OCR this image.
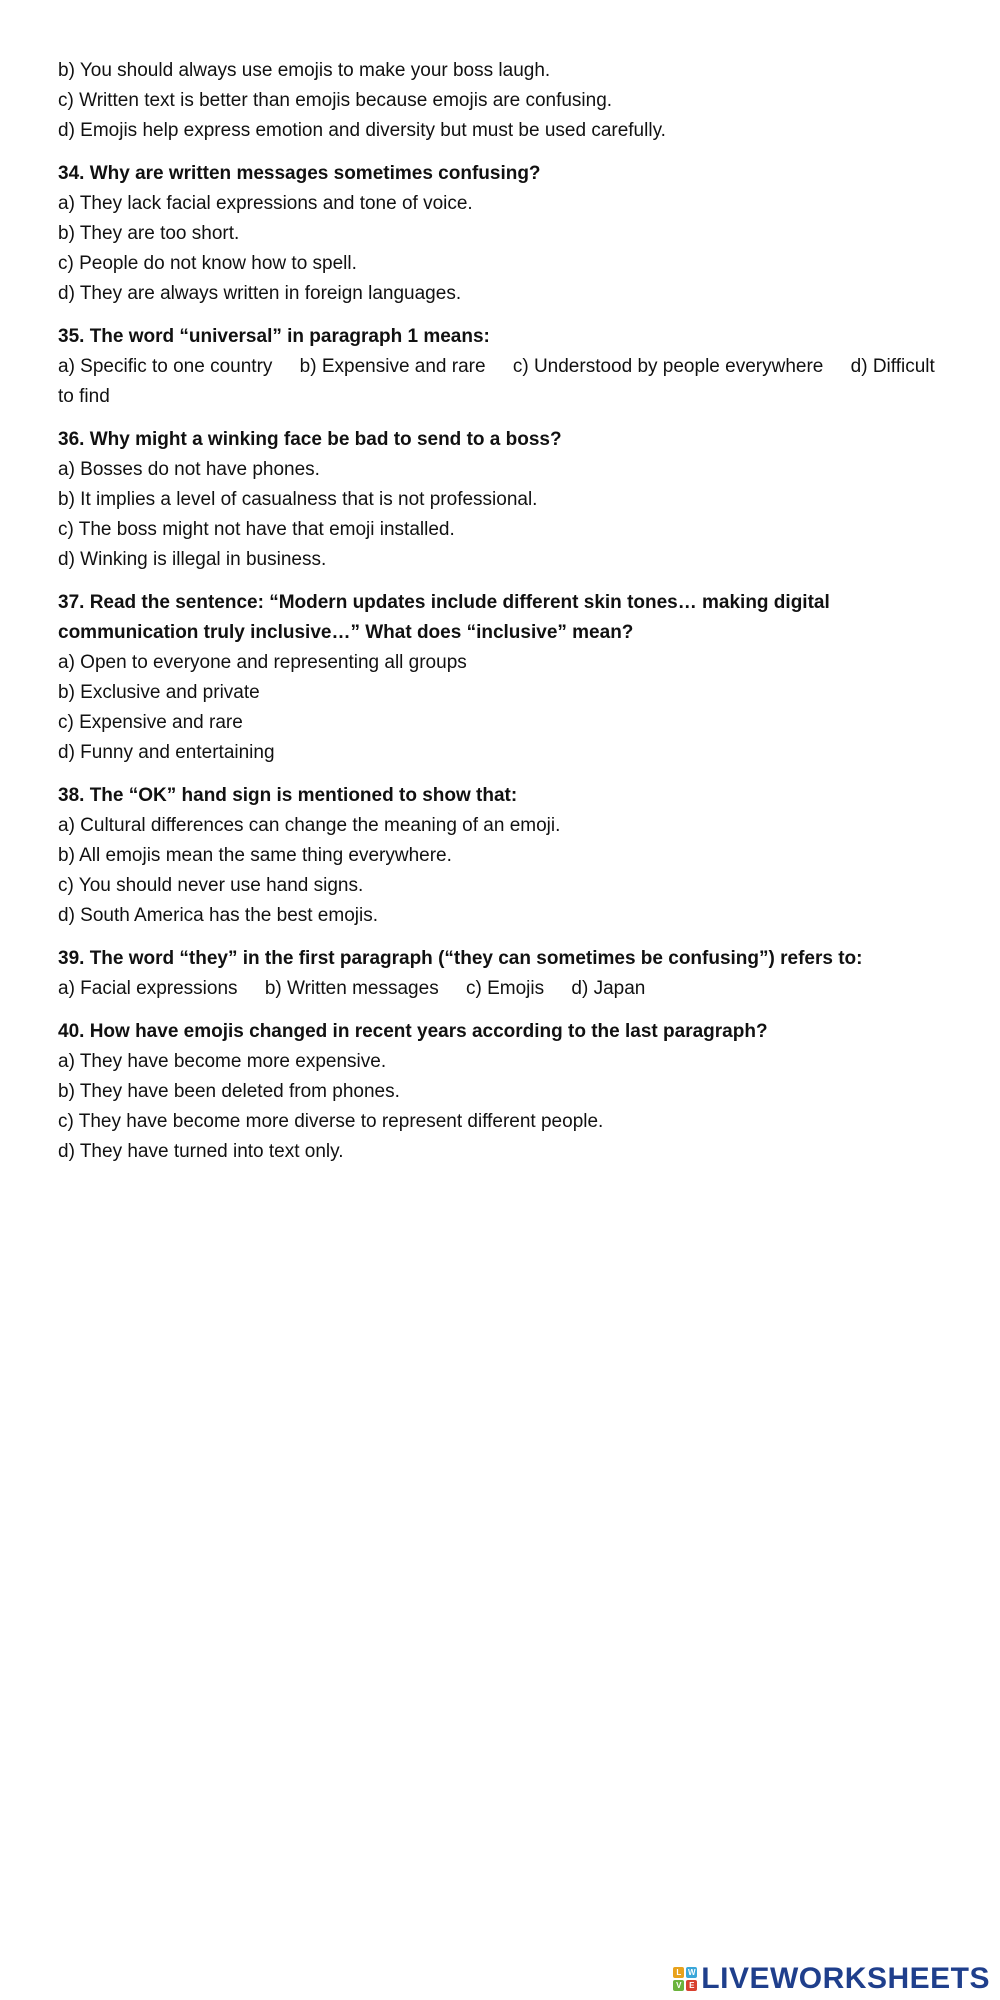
b) You should always use emojis to make your boss laugh.
c) Written text is better than emojis because emojis are confusing.
d) Emojis help express emotion and diversity but must be used carefully.
34. Why are written messages sometimes confusing?
a) They lack facial expressions and tone of voice.
b) They are too short.
c) People do not know how to spell.
d) They are always written in foreign languages.
35. The word “universal” in paragraph 1 means:
a) Specific to one country b) Expensive and rare c) Understood by people everywhere d) Difficult to find
36. Why might a winking face be bad to send to a boss?
a) Bosses do not have phones.
b) It implies a level of casualness that is not professional.
c) The boss might not have that emoji installed.
d) Winking is illegal in business.
37. Read the sentence: “Modern updates include different skin tones… making digital communication truly inclusive…” What does “inclusive” mean?
a) Open to everyone and representing all groups
b) Exclusive and private
c) Expensive and rare
d) Funny and entertaining
38. The “OK” hand sign is mentioned to show that:
a) Cultural differences can change the meaning of an emoji.
b) All emojis mean the same thing everywhere.
c) You should never use hand signs.
d) South America has the best emojis.
39. The word “they” in the first paragraph (“they can sometimes be confusing”) refers to:
a) Facial expressions b) Written messages c) Emojis d) Japan
40. How have emojis changed in recent years according to the last paragraph?
a) They have become more expensive.
b) They have been deleted from phones.
c) They have become more diverse to represent different people.
d) They have turned into text only.
L W
V E LIVEWORKSHEETS
